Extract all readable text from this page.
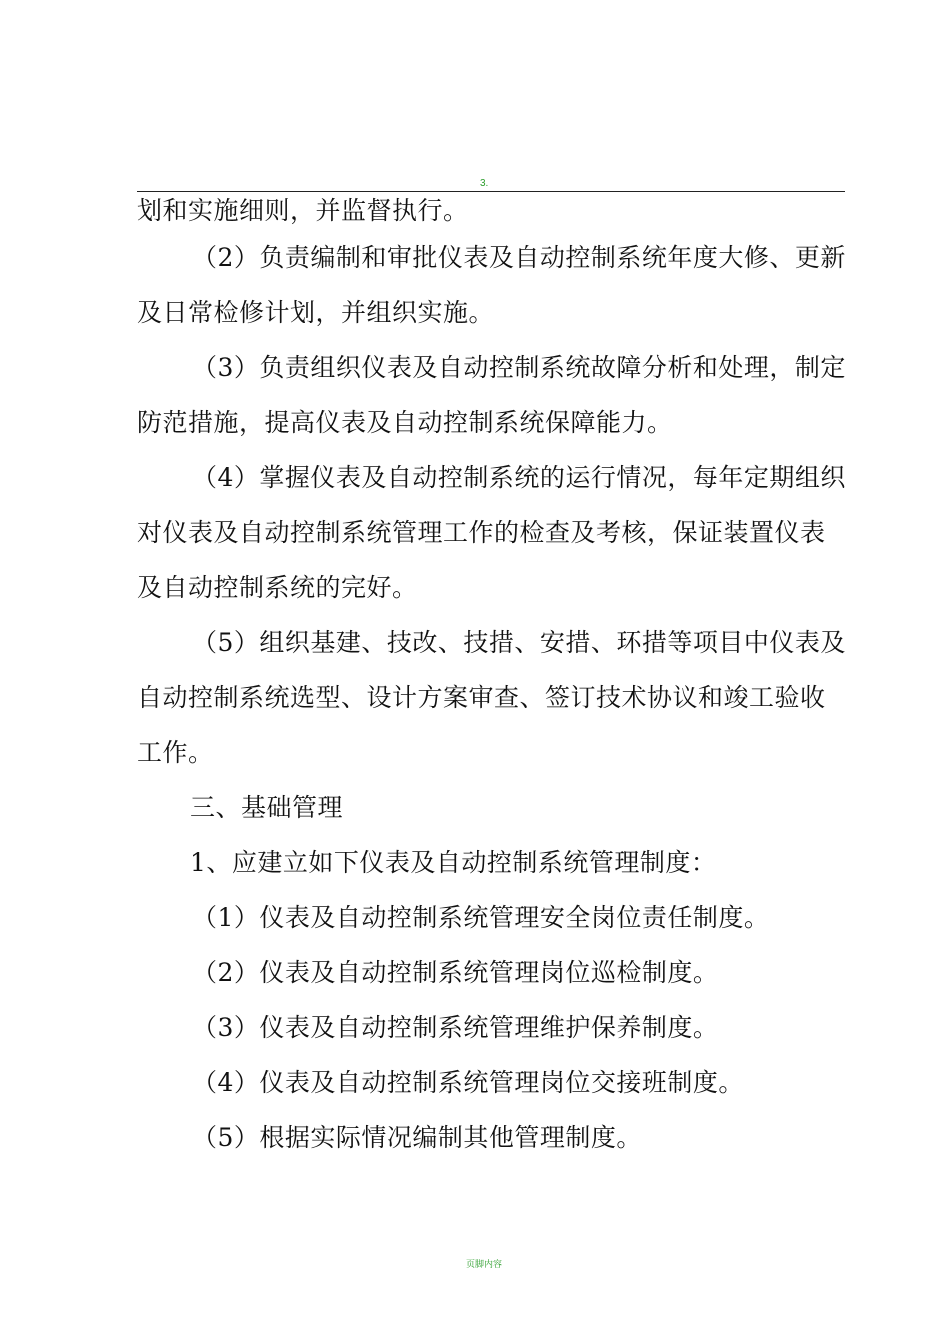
3.
划和实施细则，并监督执行。
（2）负责编制和审批仪表及自动控制系统年度大修、更新
及日常检修计划，并组织实施。
（3）负责组织仪表及自动控制系统故障分析和处理，制定
防范措施，提高仪表及自动控制系统保障能力。
（4）掌握仪表及自动控制系统的运行情况，每年定期组织
对仪表及自动控制系统管理工作的检查及考核，保证装置仪表
及自动控制系统的完好。
（5）组织基建、技改、技措、安措、环措等项目中仪表及
自动控制系统选型、设计方案审查、签订技术协议和竣工验收
工作。
三、基础管理
1、应建立如下仪表及自动控制系统管理制度：
（1）仪表及自动控制系统管理安全岗位责任制度。
（2）仪表及自动控制系统管理岗位巡检制度。
（3）仪表及自动控制系统管理维护保养制度。
（4）仪表及自动控制系统管理岗位交接班制度。
（5）根据实际情况编制其他管理制度。
页脚内容
